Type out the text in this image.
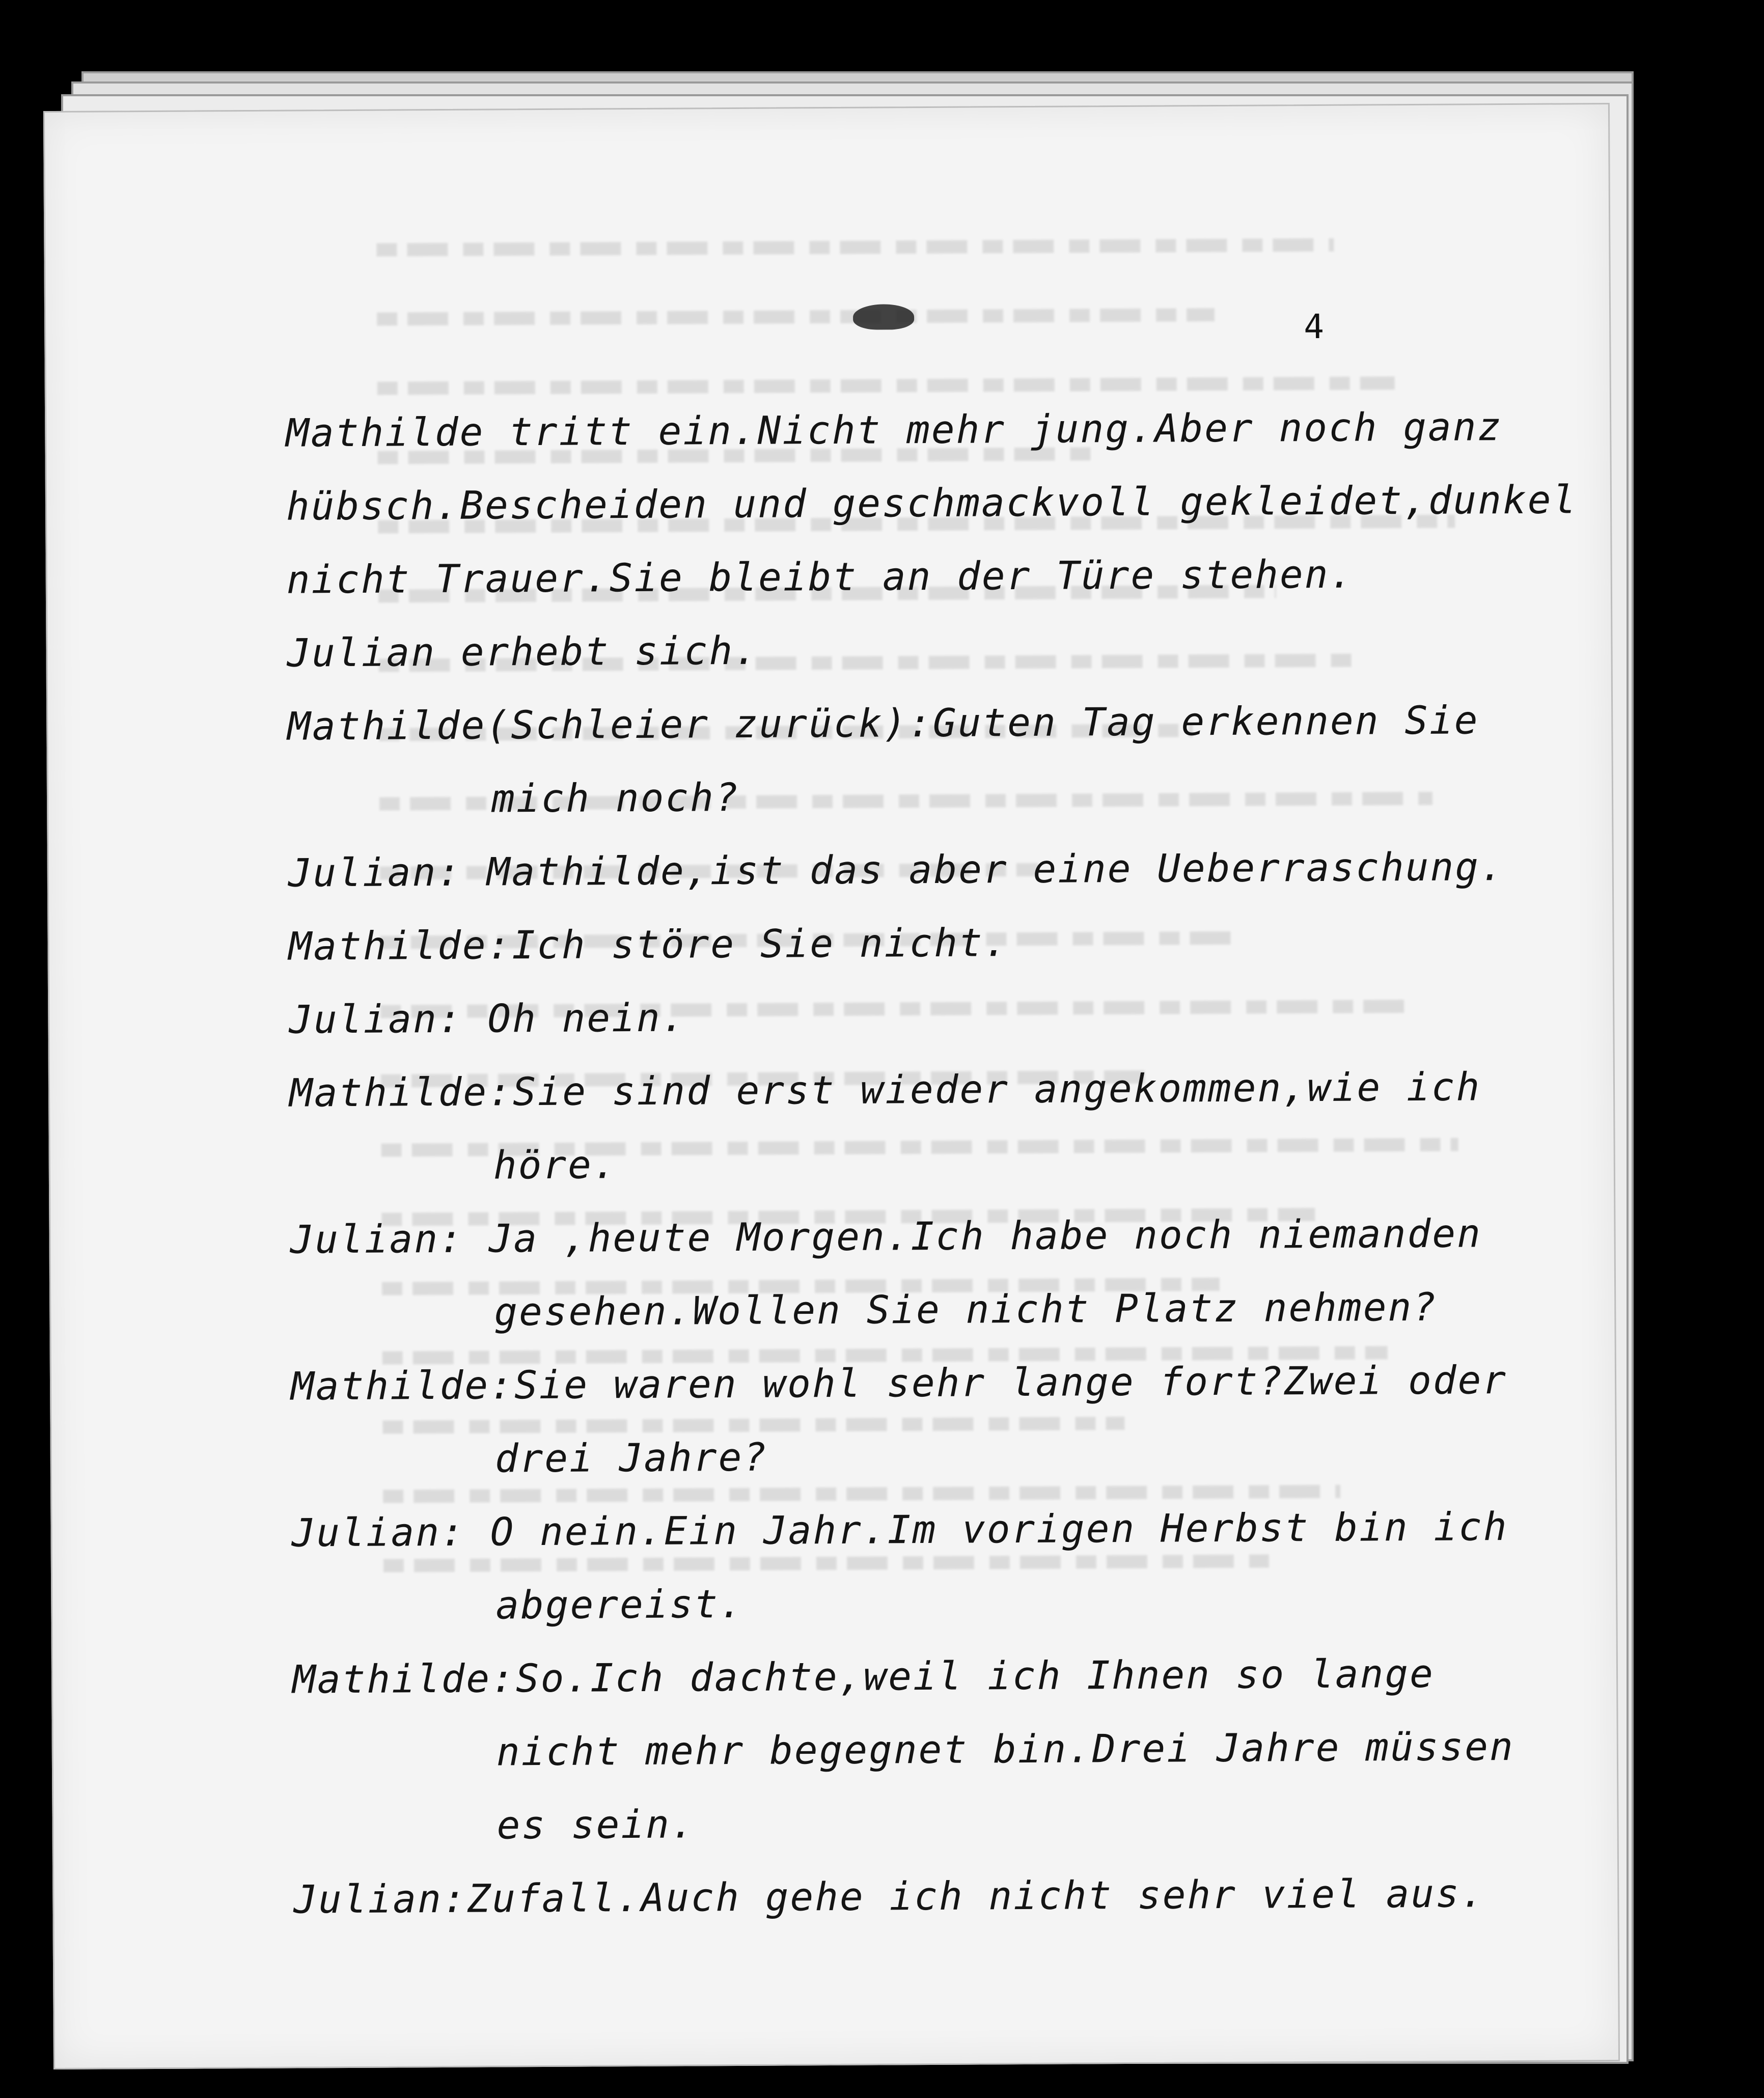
4
Mathilde tritt ein.Nicht mehr jung.Aber noch ganz
hübsch.Bescheiden und geschmackvoll gekleidet,dunkel
nicht Trauer.Sie bleibt an der Türe stehen.
Julian erhebt sich.
Mathilde(Schleier zurück):Guten Tag erkennen Sie
mich noch?
Julian: Mathilde,ist das aber eine Ueberraschung.
Mathilde:Ich störe Sie nicht.
Julian: Oh nein.
Mathilde:Sie sind erst wieder angekommen,wie ich
höre.
Julian: Ja ,heute Morgen.Ich habe noch niemanden
gesehen.Wollen Sie nicht Platz nehmen?
Mathilde:Sie waren wohl sehr lange fort?Zwei oder
drei Jahre?
Julian: O nein.Ein Jahr.Im vorigen Herbst bin ich
abgereist.
Mathilde:So.Ich dachte,weil ich Ihnen so lange
nicht mehr begegnet bin.Drei Jahre müssen
es sein.
Julian:Zufall.Auch gehe ich nicht sehr viel aus.
